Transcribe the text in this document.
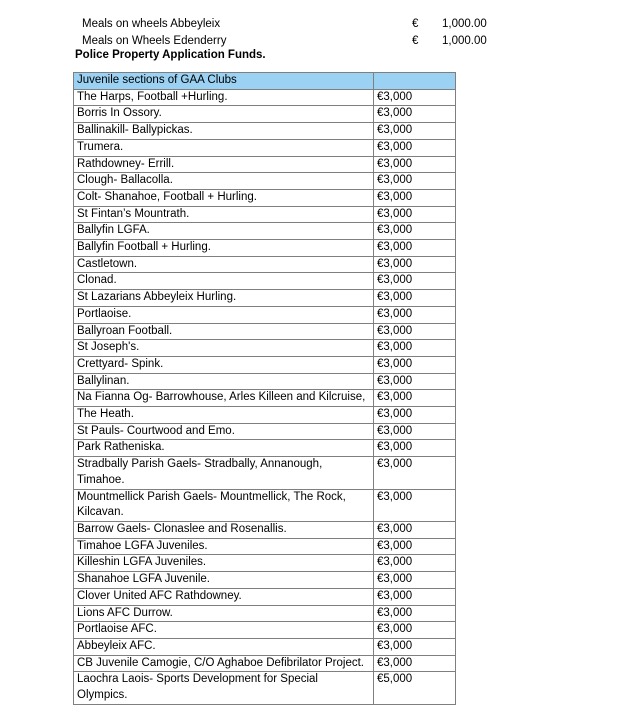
Meals on wheels Abbeyleix	€ 1,000.00
Meals on Wheels Edenderry	€ 1,000.00
Police Property Application Funds.
Juvenile sections of GAA Clubs	
The Harps, Football +Hurling.	€3,000
Borris In Ossory.	€3,000
Ballinakill- Ballypickas.	€3,000
Trumera.	€3,000
Rathdowney- Errill.	€3,000
Clough- Ballacolla.	€3,000
Colt- Shanahoe, Football + Hurling.	€3,000
St Fintan’s Mountrath.	€3,000
Ballyfin LGFA.	€3,000
Ballyfin Football + Hurling.	€3,000
Castletown.	€3,000
Clonad.	€3,000
St Lazarians Abbeyleix Hurling.	€3,000
Portlaoise.	€3,000
Ballyroan Football.	€3,000
St Joseph's.	€3,000
Crettyard- Spink.	€3,000
Ballylinan.	€3,000
Na Fianna Og- Barrowhouse, Arles Killeen and Kilcruise,	€3,000
The Heath.	€3,000
St Pauls- Courtwood and Emo.	€3,000
Park Ratheniska.	€3,000
Stradbally Parish Gaels- Stradbally, Annanough, Timahoe.	€3,000
Mountmellick Parish Gaels- Mountmellick, The Rock, Kilcavan.	€3,000
Barrow Gaels- Clonaslee and Rosenallis.	€3,000
Timahoe LGFA Juveniles.	€3,000
Killeshin LGFA Juveniles.	€3,000
Shanahoe LGFA Juvenile.	€3,000
Clover United AFC Rathdowney.	€3,000
Lions AFC Durrow.	€3,000
Portlaoise AFC.	€3,000
Abbeyleix AFC.	€3,000
CB Juvenile Camogie, C/O Aghaboe Defibrilator Project.	€3,000
Laochra Laois- Sports Development for Special Olympics.	€5,000
